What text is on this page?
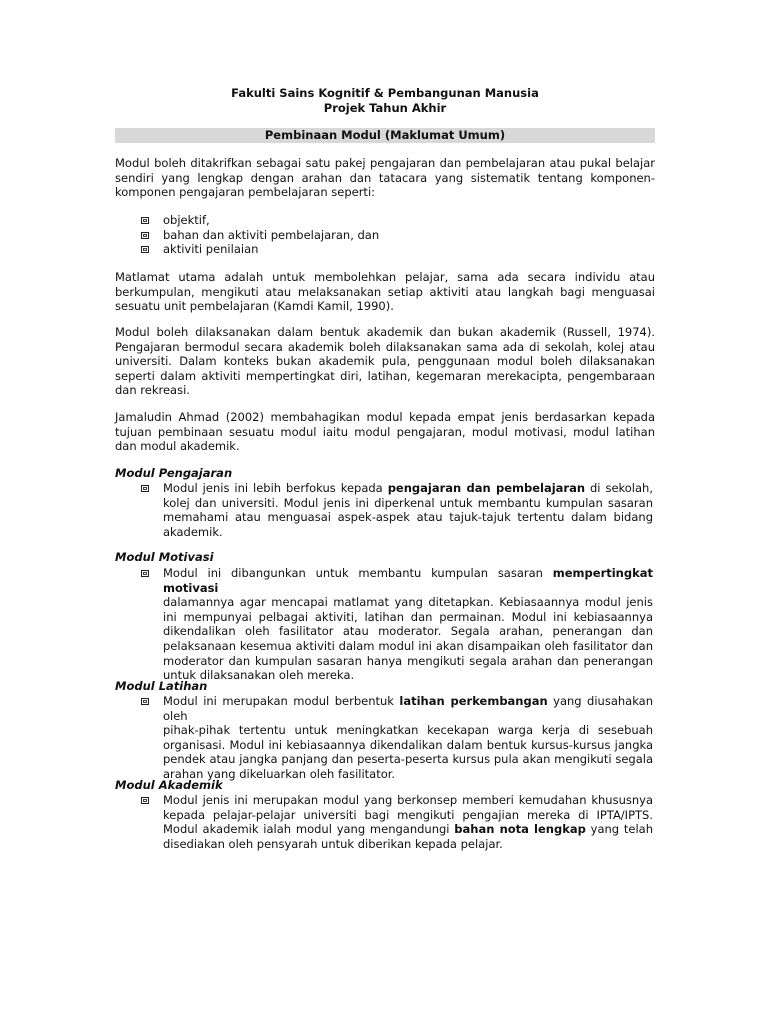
Fakulti Sains Kognitif & Pembangunan Manusia
Projek Tahun Akhir
Pembinaan Modul (Maklumat Umum)
Modul boleh ditakrifkan sebagai satu pakej pengajaran dan pembelajaran atau pukal belajar
sendiri yang lengkap dengan arahan dan tatacara yang sistematik tentang komponen-
komponen pengajaran pembelajaran seperti:
objektif,
bahan dan aktiviti pembelajaran, dan
aktiviti penilaian
Matlamat utama adalah untuk membolehkan pelajar, sama ada secara individu atau
berkumpulan, mengikuti atau melaksanakan setiap aktiviti atau langkah bagi menguasai
sesuatu unit pembelajaran (Kamdi Kamil, 1990).
Modul boleh dilaksanakan dalam bentuk akademik dan bukan akademik (Russell, 1974).
Pengajaran bermodul secara akademik boleh dilaksanakan sama ada di sekolah, kolej atau
universiti. Dalam konteks bukan akademik pula, penggunaan modul boleh dilaksanakan
seperti dalam aktiviti mempertingkat diri, latihan, kegemaran merekacipta, pengembaraan
dan rekreasi.
Jamaludin Ahmad (2002) membahagikan modul kepada empat jenis berdasarkan kepada
tujuan pembinaan sesuatu modul iaitu modul pengajaran, modul motivasi, modul latihan
dan modul akademik.
Modul Pengajaran
Modul jenis ini lebih berfokus kepada pengajaran dan pembelajaran di sekolah,
kolej dan universiti. Modul jenis ini diperkenal untuk membantu kumpulan sasaran
memahami atau menguasai aspek-aspek atau tajuk-tajuk tertentu dalam bidang
akademik.
Modul Motivasi
Modul ini dibangunkan untuk membantu kumpulan sasaran mempertingkat motivasi
dalamannya agar mencapai matlamat yang ditetapkan. Kebiasaannya modul jenis
ini mempunyai pelbagai aktiviti, latihan dan permainan. Modul ini kebiasaannya
dikendalikan oleh fasilitator atau moderator. Segala arahan, penerangan dan
pelaksanaan kesemua aktiviti dalam modul ini akan disampaikan oleh fasilitator dan
moderator dan kumpulan sasaran hanya mengikuti segala arahan dan penerangan
untuk dilaksanakan oleh mereka.
Modul Latihan
Modul ini merupakan modul berbentuk latihan perkembangan yang diusahakan oleh
pihak-pihak tertentu untuk meningkatkan kecekapan warga kerja di sesebuah
organisasi. Modul ini kebiasaannya dikendalikan dalam bentuk kursus-kursus jangka
pendek atau jangka panjang dan peserta-peserta kursus pula akan mengikuti segala
arahan yang dikeluarkan oleh fasilitator.
Modul Akademik
Modul jenis ini merupakan modul yang berkonsep memberi kemudahan khususnya
kepada pelajar-pelajar universiti bagi mengikuti pengajian mereka di IPTA/IPTS.
Modul akademik ialah modul yang mengandungi bahan nota lengkap yang telah
disediakan oleh pensyarah untuk diberikan kepada pelajar.
